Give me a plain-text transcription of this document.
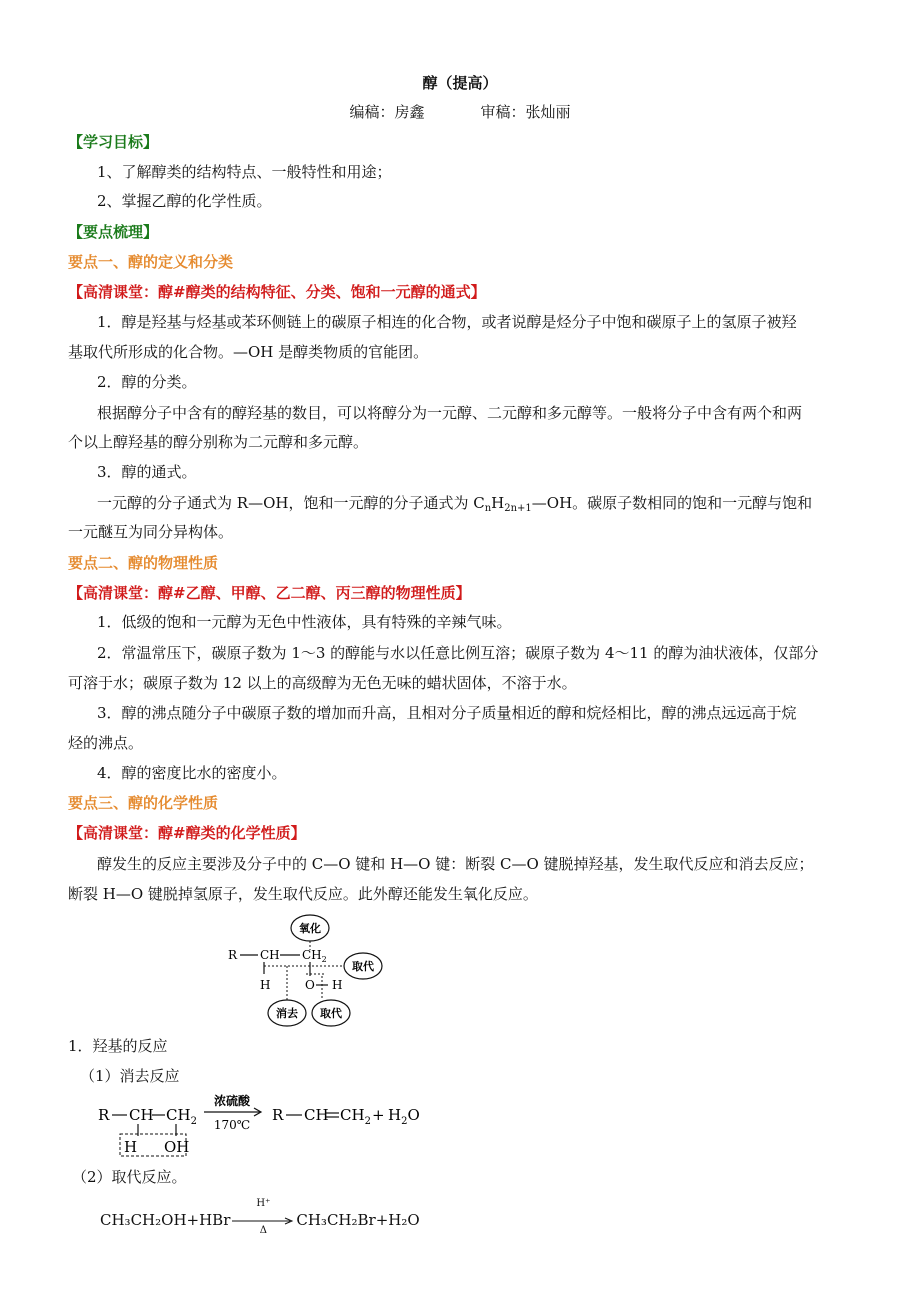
醇（提高）
编稿：房鑫	审稿：张灿丽
【学习目标】
1、了解醇类的结构特点、一般特性和用途；
2、掌握乙醇的化学性质。
【要点梳理】
要点一、醇的定义和分类
【高清课堂：醇#醇类的结构特征、分类、饱和一元醇的通式】
1．醇是羟基与烃基或苯环侧链上的碳原子相连的化合物，或者说醇是烃分子中饱和碳原子上的氢原子被羟
基取代所形成的化合物。—OH 是醇类物质的官能团。
2．醇的分类。
根据醇分子中含有的醇羟基的数目，可以将醇分为一元醇、二元醇和多元醇等。一般将分子中含有两个和两
个以上醇羟基的醇分别称为二元醇和多元醇。
3．醇的通式。
一元醇的分子通式为 R—OH，饱和一元醇的分子通式为 $C_nH_{2n+1}—OH$。碳原子数相同的饱和一元醇与饱和
一元醚互为同分异构体。
要点二、醇的物理性质
【高清课堂：醇#乙醇、甲醇、乙二醇、丙三醇的物理性质】
1．低级的饱和一元醇为无色中性液体，具有特殊的辛辣气味。
2．常温常压下，碳原子数为 1～3 的醇能与水以任意比例互溶；碳原子数为 4～11 的醇为油状液体，仅部分
可溶于水；碳原子数为 12 以上的高级醇为无色无味的蜡状固体，不溶于水。
3．醇的沸点随分子中碳原子数的增加而升高，且相对分子质量相近的醇和烷烃相比，醇的沸点远远高于烷
烃的沸点。
4．醇的密度比水的密度小。
要点三、醇的化学性质
【高清课堂：醇#醇类的化学性质】
醇发生的反应主要涉及分子中的 C—O 键和 H—O 键：断裂 C—O 键脱掉羟基，发生取代反应和消去反应；
断裂 H—O 键脱掉氢原子，发生取代反应。此外醇还能发生氧化反应。
R CH $CH_2$
H	O H
氧化
取代
消去 取代
1．羟基的反应
（1）消去反应
R CH $CH_2$
H OH
R CH $CH_2 + H_2O$
浓硫酸
170℃
（2）取代反应。
CH₃CH₂OH+HBr
H⁺
Δ
CH₃CH₂Br+H₂O
